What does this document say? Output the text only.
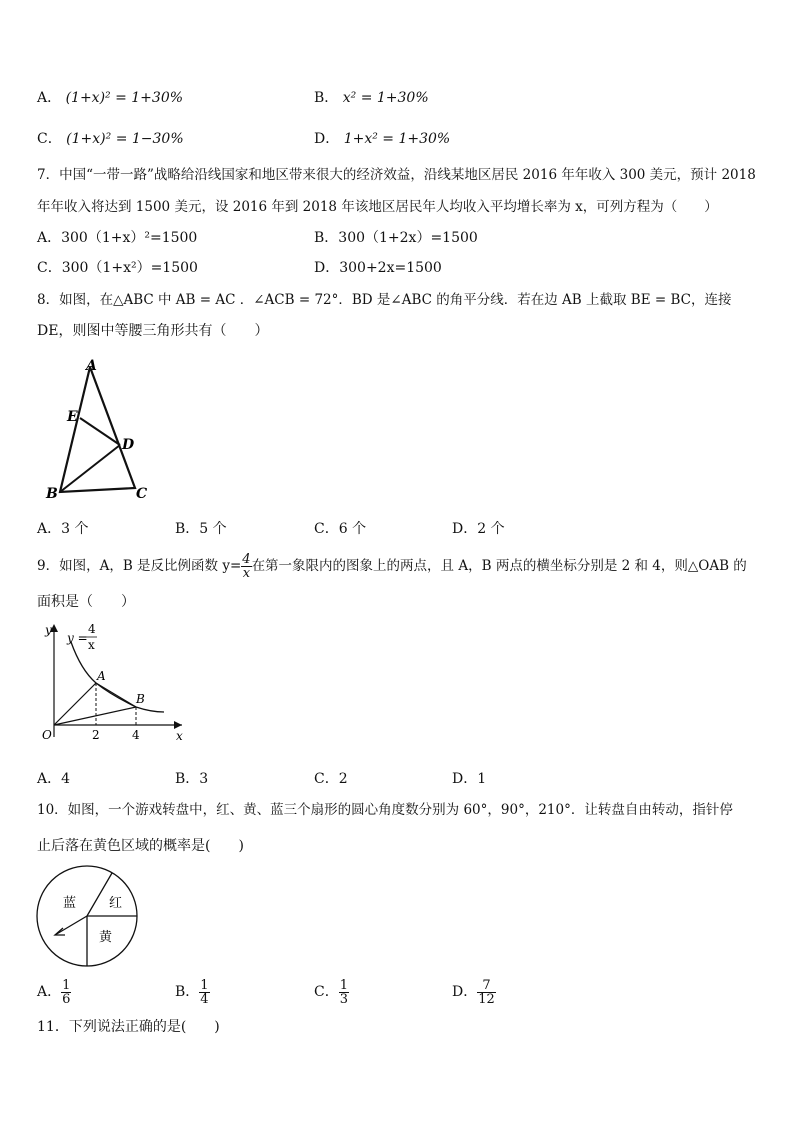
A． (1+x)² = 1+30%	B． x² = 1+30%
C． (1+x)² = 1−30%	D． 1+x² = 1+30%
7．中国“一带一路”战略给沿线国家和地区带来很大的经济效益，沿线某地区居民 2016 年年收入 300 美元，预计 2018
年年收入将达到 1500 美元，设 2016 年到 2018 年该地区居民年人均收入平均增长率为 x，可列方程为（　　）
A．300（1+x）²=1500	B．300（1+2x）=1500
C．300（1+x²）=1500	D．300+2x=1500
8．如图，在△ABC 中 AB = AC ．∠ACB = 72°．BD 是∠ABC 的角平分线．若在边 AB 上截取 BE = BC，连接
DE，则图中等腰三角形共有（　　）
A
E
D
B	C
A．3 个	B．5 个	C．6 个	D．2 个
9．如图，A，B 是反比例函数 $y= \frac{4}{x}$ 在第一象限内的图象上的两点，且 A，B 两点的横坐标分别是 2 和 4，则△OAB 的
面积是（　　）
y
x
O
A
B
2	4
y =
4
x
A．4	B．3	C．2	D．1
10．如图，一个游戏转盘中，红、黄、蓝三个扇形的圆心角度数分别为 60°，90°，210°．让转盘自由转动，指针停
止后落在黄色区域的概率是(　　)
蓝	红
黄
A． $\frac{1}{6}$	B． $\frac{1}{4}$	C． $\frac{1}{3}$	D． $\frac{7}{12}$
11．下列说法正确的是(　　)
